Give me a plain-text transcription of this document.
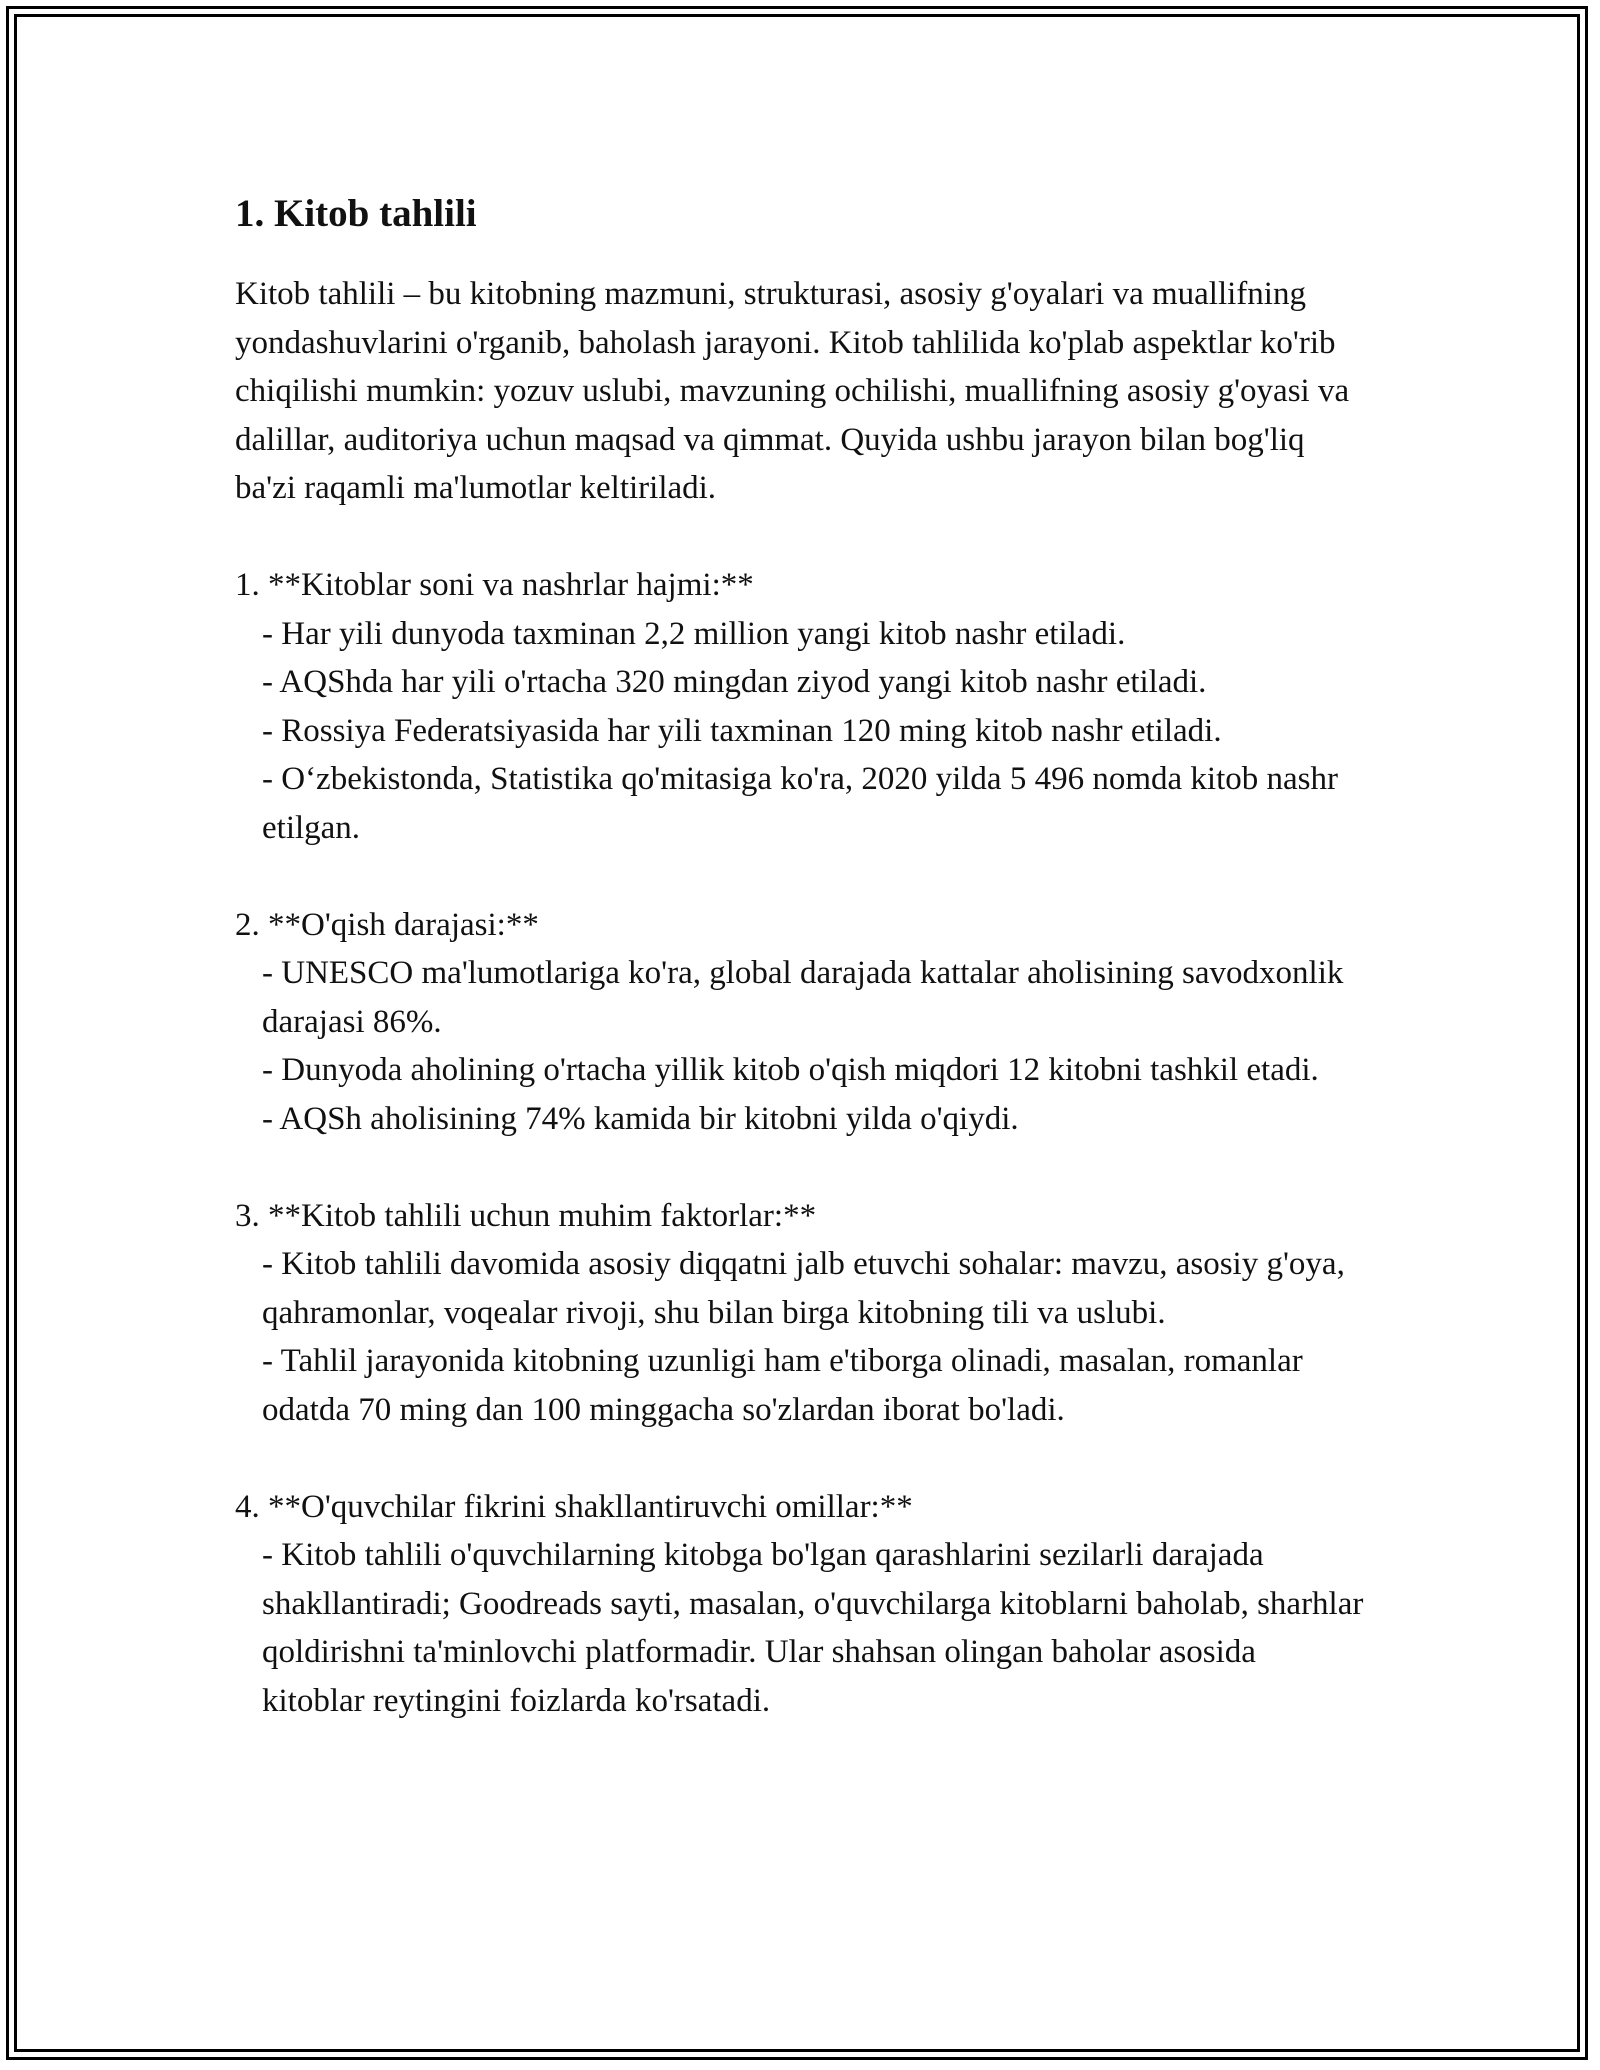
1. Kitob tahlili

Kitob tahlili – bu kitobning mazmuni, strukturasi, asosiy g'oyalari va muallifning yondashuvlarini o'rganib, baholash jarayoni. Kitob tahlilida ko'plab aspektlar ko'rib chiqilishi mumkin: yozuv uslubi, mavzuning ochilishi, muallifning asosiy g'oyasi va dalillar, auditoriya uchun maqsad va qimmat. Quyida ushbu jarayon bilan bog'liq ba'zi raqamli ma'lumotlar keltiriladi.

1. **Kitoblar soni va nashrlar hajmi:**

- Har yili dunyoda taxminan 2,2 million yangi kitob nashr etiladi.

- AQShda har yili o'rtacha 320 mingdan ziyod yangi kitob nashr etiladi.

- Rossiya Federatsiyasida har yili taxminan 120 ming kitob nashr etiladi.

- O‘zbekistonda, Statistika qo'mitasiga ko'ra, 2020 yilda 5 496 nomda kitob nashr etilgan.

2. **O'qish darajasi:**

- UNESCO ma'lumotlariga ko'ra, global darajada kattalar aholisining savodxonlik darajasi 86%.

- Dunyoda aholining o'rtacha yillik kitob o'qish miqdori 12 kitobni tashkil etadi.

- AQSh aholisining 74% kamida bir kitobni yilda o'qiydi.

3. **Kitob tahlili uchun muhim faktorlar:**

- Kitob tahlili davomida asosiy diqqatni jalb etuvchi sohalar: mavzu, asosiy g'oya, qahramonlar, voqealar rivoji, shu bilan birga kitobning tili va uslubi.

- Tahlil jarayonida kitobning uzunligi ham e'tiborga olinadi, masalan, romanlar odatda 70 ming dan 100 minggacha so'zlardan iborat bo'ladi.

4. **O'quvchilar fikrini shakllantiruvchi omillar:**

- Kitob tahlili o'quvchilarning kitobga bo'lgan qarashlarini sezilarli darajada shakllantiradi; Goodreads sayti, masalan, o'quvchilarga kitoblarni baholab, sharhlar qoldirishni ta'minlovchi platformadir. Ular shahsan olingan baholar asosida kitoblar reytingini foizlarda ko'rsatadi.
